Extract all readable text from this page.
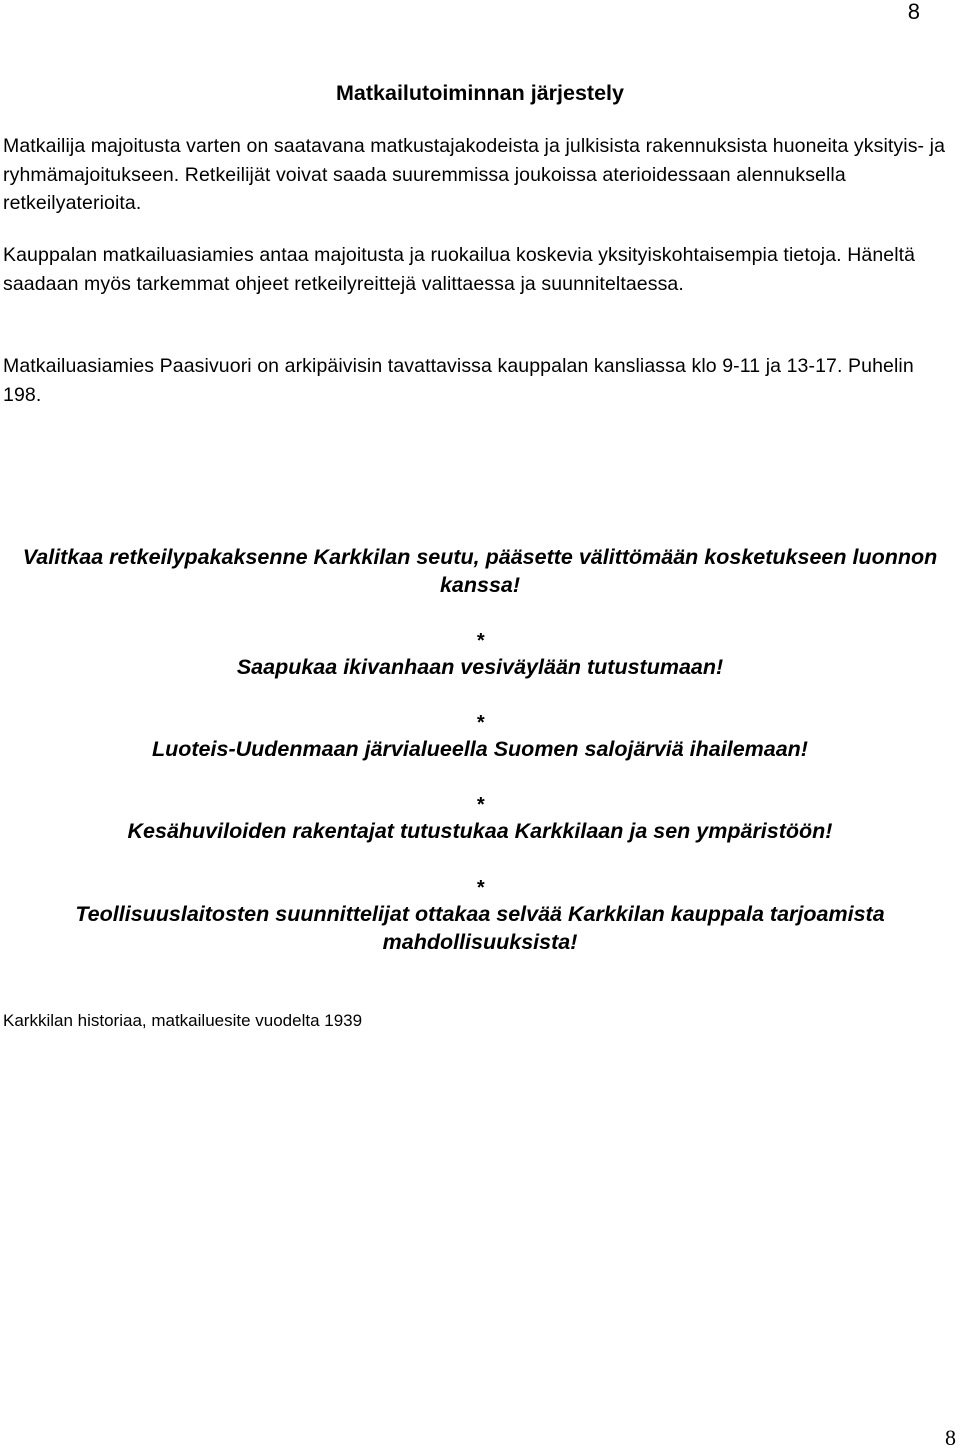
8
Matkailutoiminnan järjestely

Matkailija majoitusta varten on saatavana matkustajakodeista ja julkisista rakennuksista huoneita yksityis- ja ryhmämajoitukseen. Retkeilijät voivat saada suuremmissa joukoissa aterioidessaan alennuksella retkeilyaterioita.

Kauppalan matkailuasiamies antaa majoitusta ja ruokailua koskevia yksityiskohtaisempia tietoja. Häneltä saadaan myös tarkemmat ohjeet retkeilyreittejä valittaessa ja suunniteltaessa.

Matkailuasiamies Paasivuori on arkipäivisin tavattavissa kauppalan kansliassa klo 9-11 ja 13-17. Puhelin 198.

Valitkaa retkeilypakaksenne Karkkilan seutu, pääsette välittömään kosketukseen luonnon kanssa!

*

Saapukaa ikivanhaan vesiväylään tutustumaan!

*

Luoteis-Uudenmaan järvialueella Suomen salojärviä ihailemaan!

*

Kesähuviloiden rakentajat tutustukaa Karkkilaan ja sen ympäristöön!

*

Teollisuuslaitosten suunnittelijat ottakaa selvää Karkkilan kauppala tarjoamista mahdollisuuksista!

Karkkilan historiaa, matkailuesite vuodelta 1939

8
